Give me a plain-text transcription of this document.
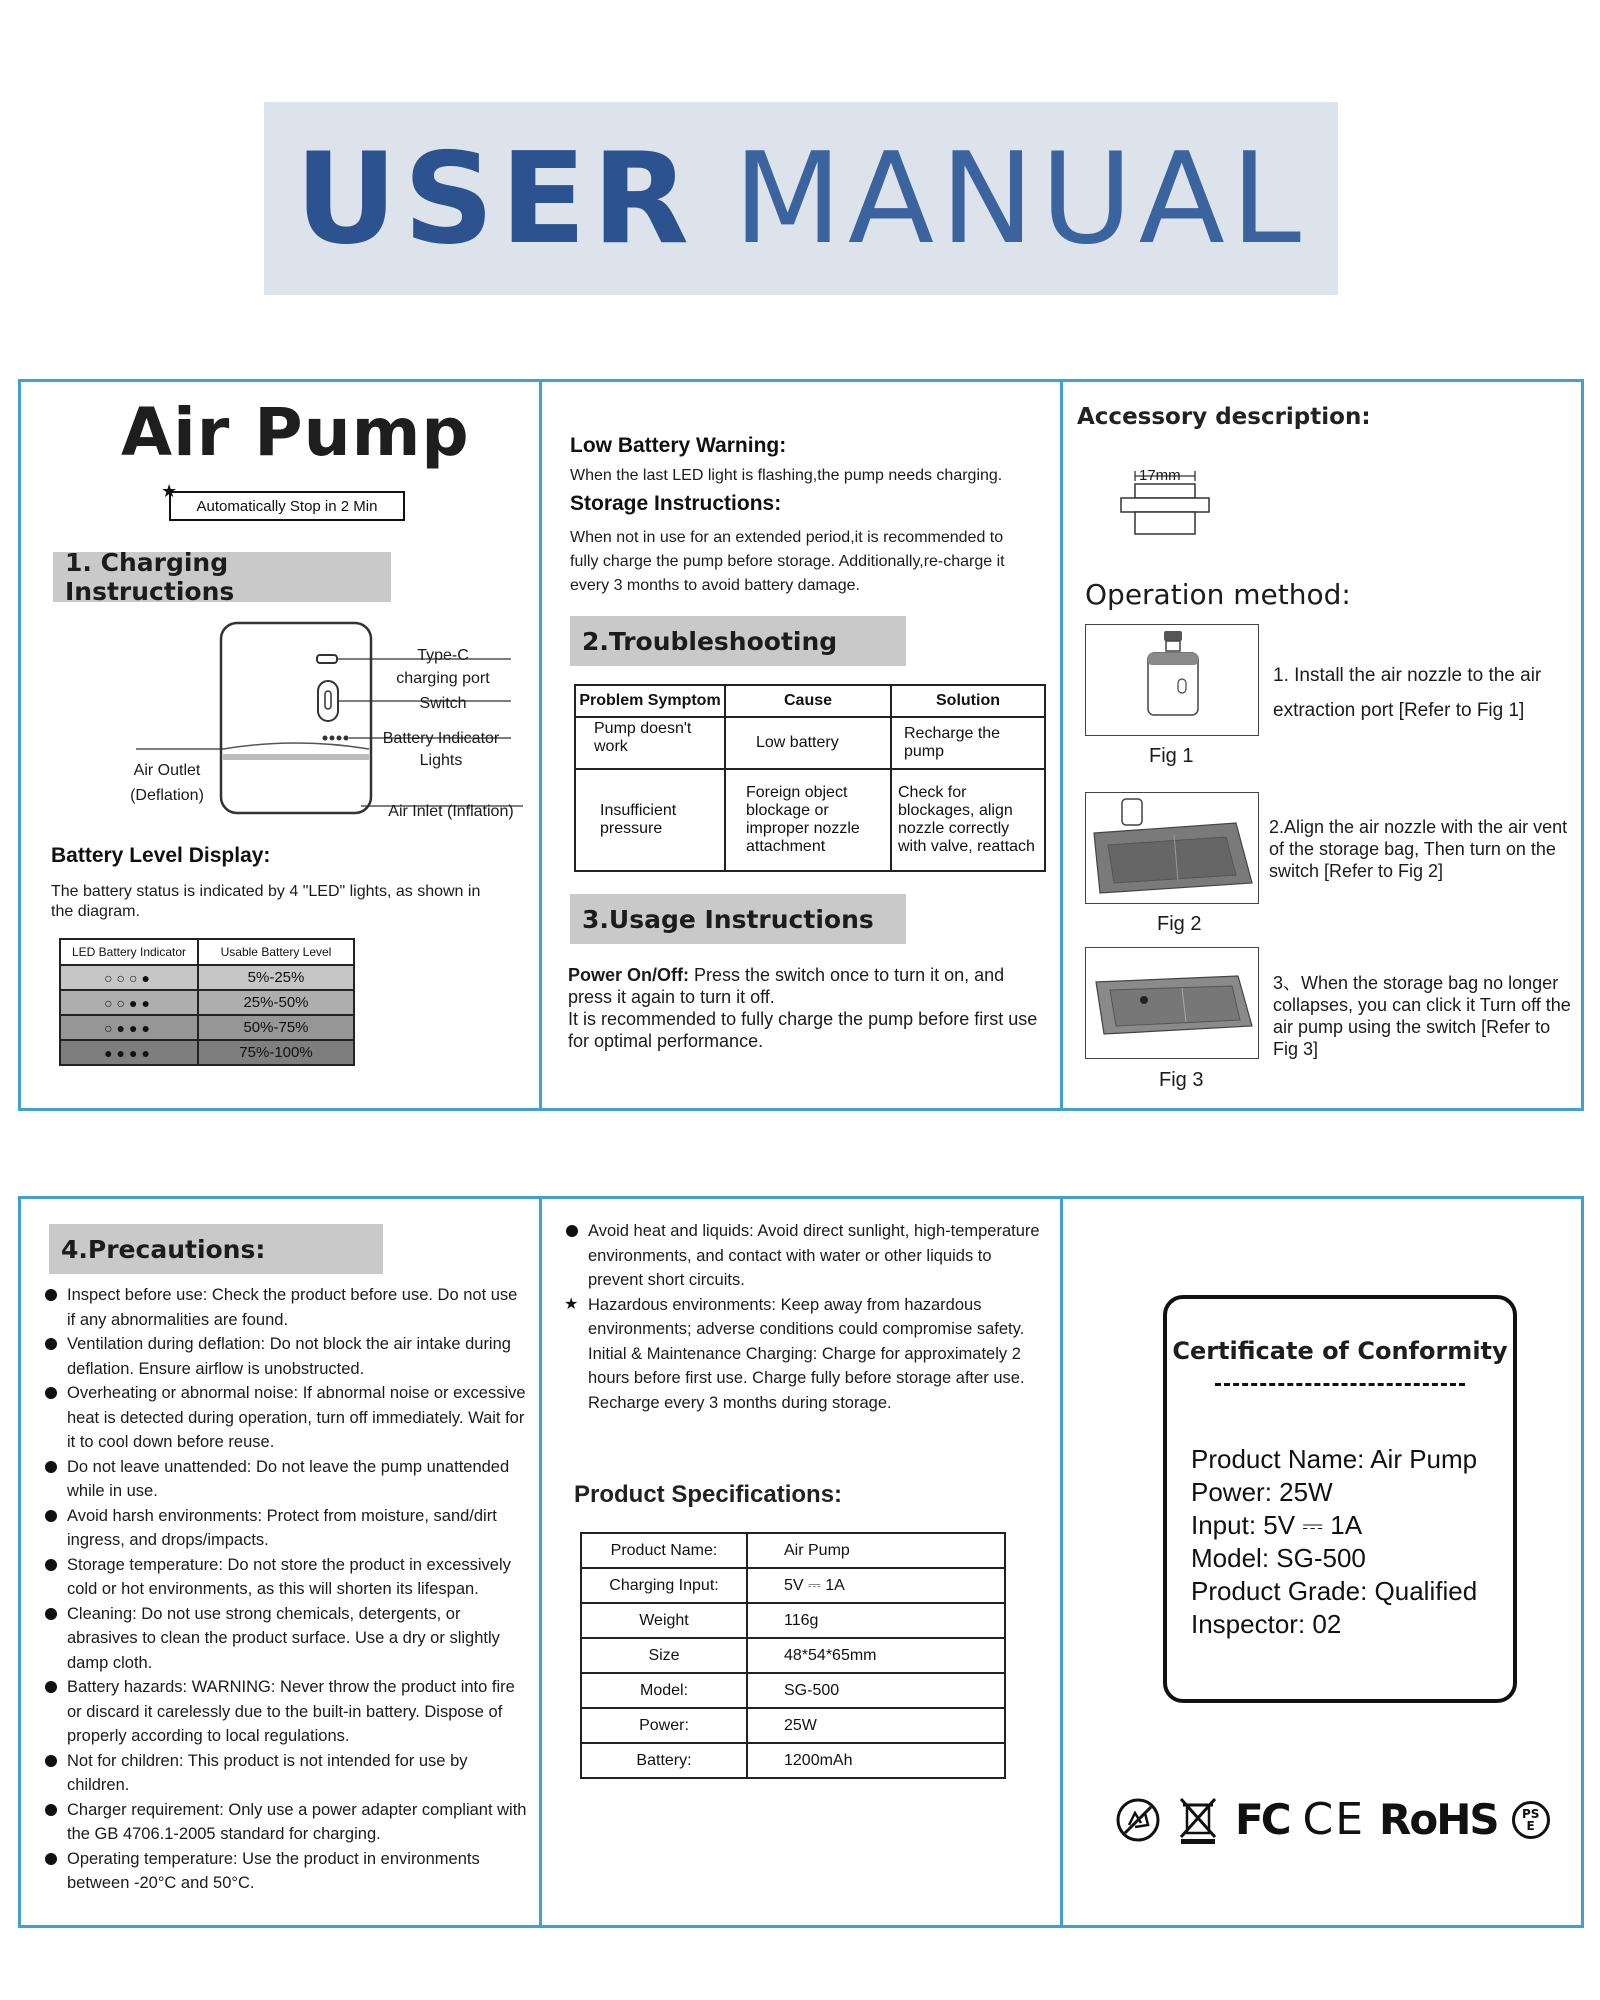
USER MANUAL
Air Pump
Automatically Stop in 2 Min
★
1. Charging Instructions
Type-C
charging port
Switch
Battery Indicator
Lights
Air Outlet
(Deflation)
Air Inlet (Inflation)
Battery Level Display:
The battery status is indicated by 4 "LED" lights, as shown in the diagram.
LED Battery Indicator	Usable Battery Level
○○○●	5%-25%
○○●●	25%-50%
○●●●	50%-75%
●●●●	75%-100%
Low Battery Warning:
When the last LED light is flashing,the pump needs charging.
Storage Instructions:
When not in use for an extended period,it is recommended to fully charge the pump before storage. Additionally,re-charge it every 3 months to avoid battery damage.
2.Troubleshooting
Problem Symptom	Cause	Solution
Pump doesn't work	Low battery	Recharge the pump
Insufficient pressure	Foreign object blockage or improper nozzle attachment	Check for blockages, align nozzle correctly with valve, reattach
3.Usage Instructions
Power On/Off: Press the switch once to turn it on, and press it again to turn it off.
It is recommended to fully charge the pump before first use for optimal performance.
Accessory description:
17mm
Operation method:
Fig 1
1. Install the air nozzle to the air extraction port [Refer to Fig 1]
Fig 2
2.Align the air nozzle with the air vent of the storage bag, Then turn on the switch [Refer to Fig 2]
Fig 3
3、When the storage bag no longer collapses, you can click it Turn off the air pump using the switch [Refer to Fig 3]
4.Precautions:
Inspect before use: Check the product before use. Do not use if any abnormalities are found.
Ventilation during deflation: Do not block the air intake during deflation. Ensure airflow is unobstructed.
Overheating or abnormal noise: If abnormal noise or excessive heat is detected during operation, turn off immediately. Wait for it to cool down before reuse.
Do not leave unattended: Do not leave the pump unattended while in use.
Avoid harsh environments: Protect from moisture, sand/dirt ingress, and drops/impacts.
Storage temperature: Do not store the product in excessively cold or hot environments, as this will shorten its lifespan.
Cleaning: Do not use strong chemicals, detergents, or abrasives to clean the product surface. Use a dry or slightly damp cloth.
Battery hazards: WARNING: Never throw the product into fire or discard it carelessly due to the built-in battery. Dispose of properly according to local regulations.
Not for children: This product is not intended for use by children.
Charger requirement: Only use a power adapter compliant with the GB 4706.1-2005 standard for charging.
Operating temperature: Use the product in environments between -20°C and 50°C.
Avoid heat and liquids: Avoid direct sunlight, high-temperature environments, and contact with water or other liquids to prevent short circuits.
★ Hazardous environments: Keep away from hazardous environments; adverse conditions could compromise safety. Initial & Maintenance Charging: Charge for approximately 2 hours before first use. Charge fully before storage after use. Recharge every 3 months during storage.
Product Specifications:
Product Name:	Air Pump
Charging Input:	5V ⎓ 1A
Weight	116g
Size	48*54*65mm
Model:	SG-500
Power:	25W
Battery:	1200mAh
Certificate of Conformity
Product Name: Air Pump
Power: 25W
Input: 5V ⎓ 1A
Model: SG-500
Product Grade: Qualified
Inspector: 02
FC CE RoHS PS
E
